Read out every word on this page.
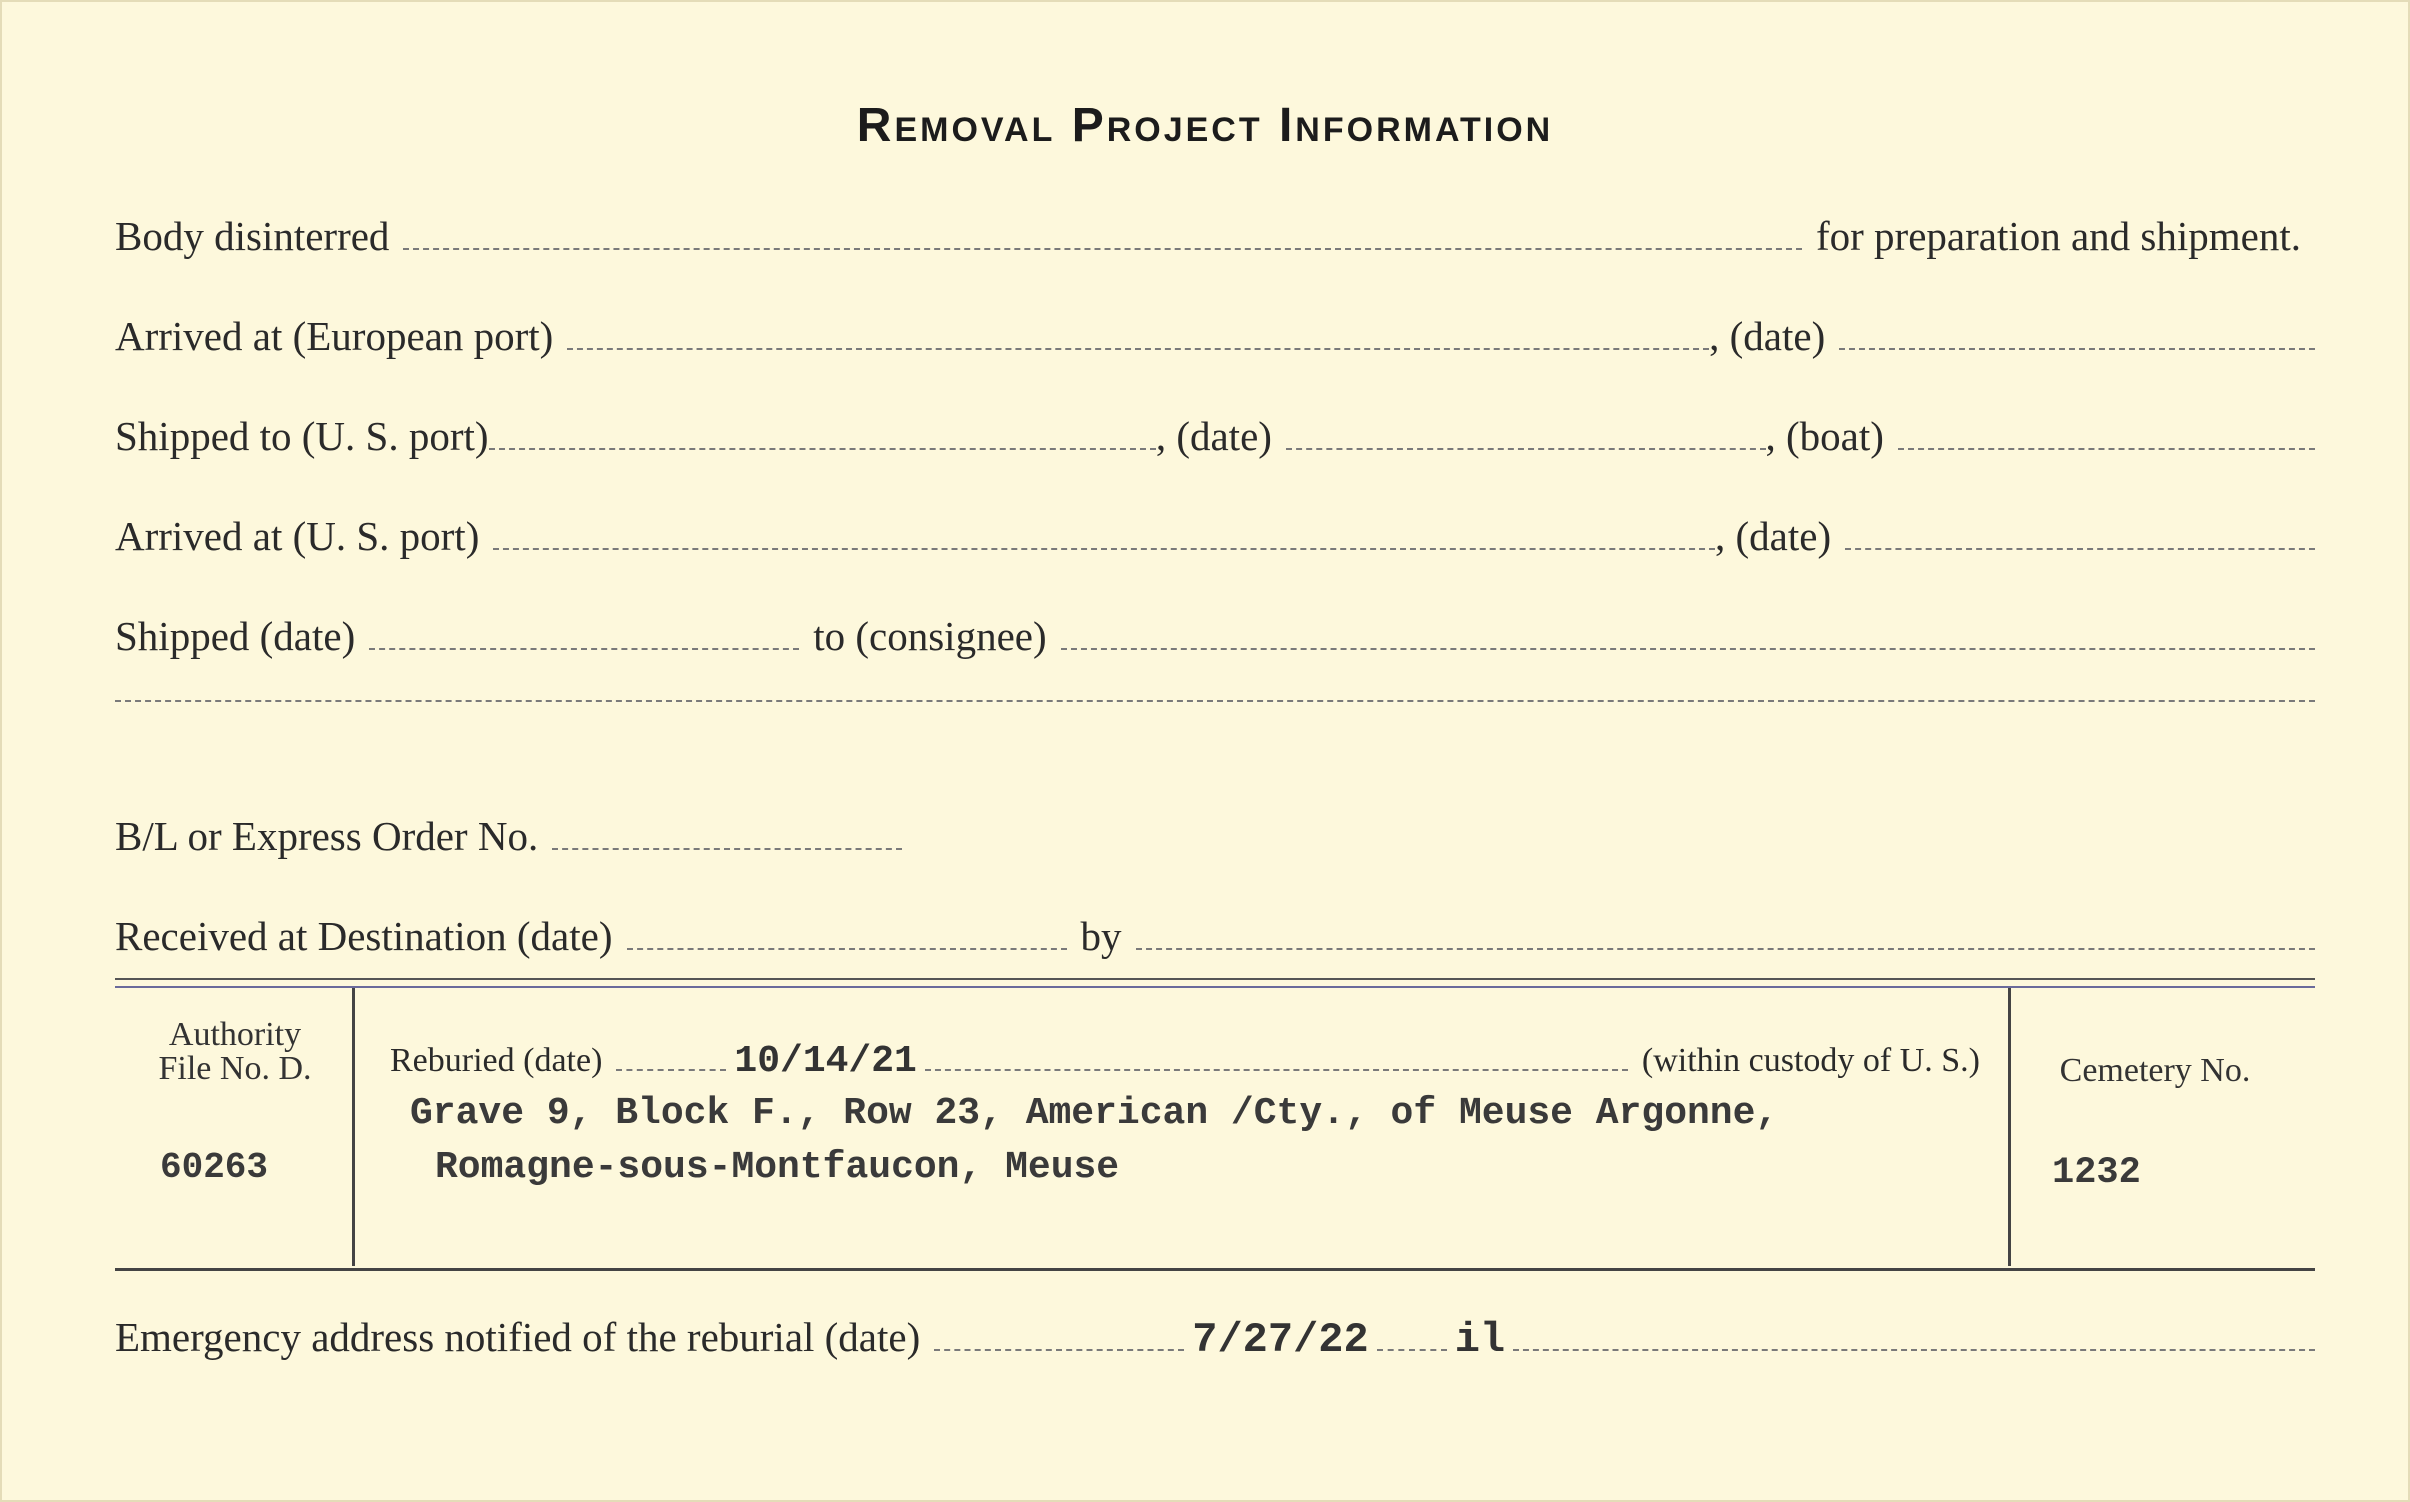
Removal Project Information
Body disinterred	for preparation and shipment.
Arrived at (European port)	, (date)
Shipped to (U. S. port)	, (date)	, (boat)
Arrived at (U. S. port)	, (date)
Shipped (date)	to (consignee)
B/L or Express Order No.
Received at Destination (date)	by
Authority
File No. D.
60263
Reburied (date)	10/14/21	(within custody of U. S.)
Grave 9, Block F., Row 23, American /Cty., of Meuse Argonne,
Romagne-sous-Montfaucon, Meuse
Cemetery No.
1232
Emergency address notified of the reburial (date)	7/27/22 il
